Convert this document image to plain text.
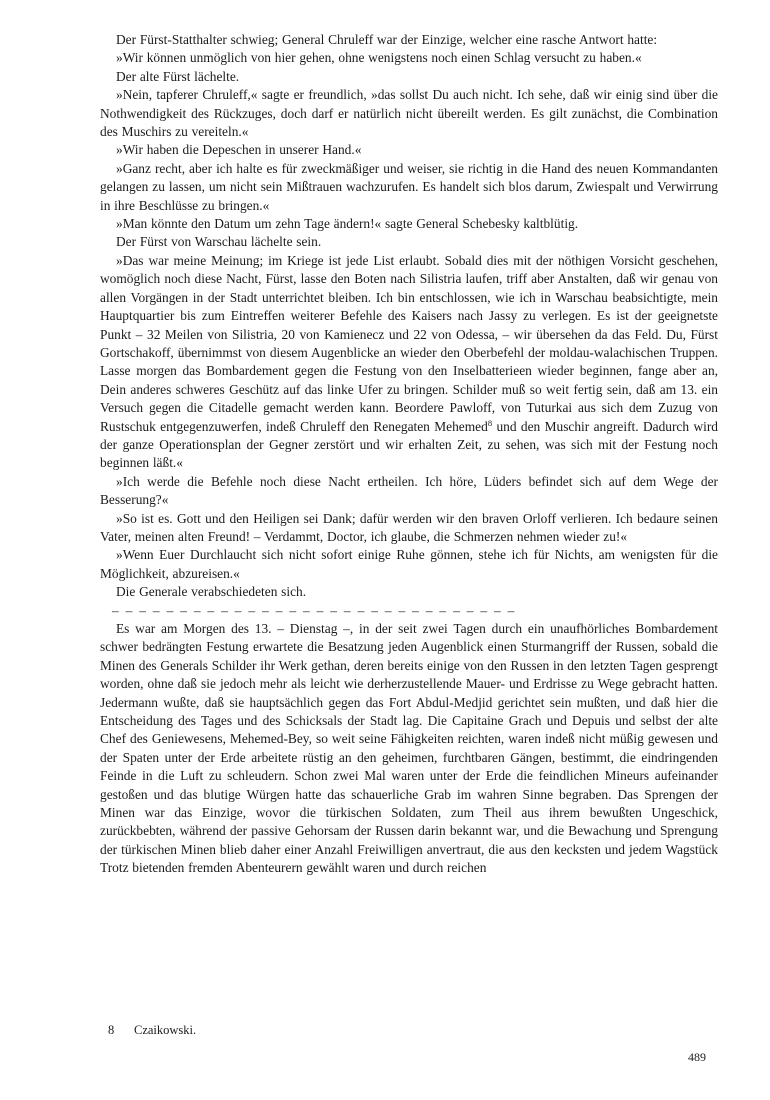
Der Fürst-Statthalter schwieg; General Chruleff war der Einzige, welcher eine rasche Antwort hatte:

»Wir können unmöglich von hier gehen, ohne wenigstens noch einen Schlag versucht zu haben.«

Der alte Fürst lächelte.

»Nein, tapferer Chruleff,« sagte er freundlich, »das sollst Du auch nicht. Ich sehe, daß wir einig sind über die Nothwendigkeit des Rückzuges, doch darf er natürlich nicht übereilt werden. Es gilt zunächst, die Combination des Muschirs zu vereiteln.«

»Wir haben die Depeschen in unserer Hand.«

»Ganz recht, aber ich halte es für zweckmäßiger und weiser, sie richtig in die Hand des neuen Kommandanten gelangen zu lassen, um nicht sein Mißtrauen wachzurufen. Es handelt sich blos darum, Zwiespalt und Verwirrung in ihre Beschlüsse zu bringen.«

»Man könnte den Datum um zehn Tage ändern!« sagte General Schebesky kaltblütig.

Der Fürst von Warschau lächelte sein.

»Das war meine Meinung; im Kriege ist jede List erlaubt. Sobald dies mit der nöthigen Vorsicht geschehen, womöglich noch diese Nacht, Fürst, lasse den Boten nach Silistria laufen, triff aber Anstalten, daß wir genau von allen Vorgängen in der Stadt unterrichtet bleiben. Ich bin entschlossen, wie ich in Warschau beabsichtigte, mein Hauptquartier bis zum Eintreffen weiterer Befehle des Kaisers nach Jassy zu verlegen. Es ist der geeignetste Punkt – 32 Meilen von Silistria, 20 von Kamienecz und 22 von Odessa, – wir übersehen da das Feld. Du, Fürst Gortschakoff, übernimmst von diesem Augenblicke an wieder den Oberbefehl der moldau-walachischen Truppen. Lasse morgen das Bombardement gegen die Festung von den Inselbatterieen wieder beginnen, fange aber an, Dein anderes schweres Geschütz auf das linke Ufer zu bringen. Schilder muß so weit fertig sein, daß am 13. ein Versuch gegen die Citadelle gemacht werden kann. Beordere Pawloff, von Tuturkai aus sich dem Zuzug von Rustschuk entgegenzuwerfen, indeß Chruleff den Renegaten Mehemed$^8$ und den Muschir angreift. Dadurch wird der ganze Operationsplan der Gegner zerstört und wir erhalten Zeit, zu sehen, was sich mit der Festung noch beginnen läßt.«

»Ich werde die Befehle noch diese Nacht ertheilen. Ich höre, Lüders befindet sich auf dem Wege der Besserung?«

»So ist es. Gott und den Heiligen sei Dank; dafür werden wir den braven Orloff verlieren. Ich bedaure seinen Vater, meinen alten Freund! – Verdammt, Doctor, ich glaube, die Schmerzen nehmen wieder zu!«

»Wenn Euer Durchlaucht sich nicht sofort einige Ruhe gönnen, stehe ich für Nichts, am wenigsten für die Möglichkeit, abzureisen.«

Die Generale verabschiedeten sich.

– – – – – – – – – – – – – – – – – – – – – – – – – – – – – –

Es war am Morgen des 13. – Dienstag –, in der seit zwei Tagen durch ein unaufhörliches Bombardement schwer bedrängten Festung erwartete die Besatzung jeden Augenblick einen Sturmangriff der Russen, sobald die Minen des Generals Schilder ihr Werk gethan, deren bereits einige von den Russen in den letzten Tagen gesprengt worden, ohne daß sie jedoch mehr als leicht wie derherzustellende Mauer- und Erdrisse zu Wege gebracht hatten. Jedermann wußte, daß sie hauptsächlich gegen das Fort Abdul-Medjid gerichtet sein mußten, und daß hier die Entscheidung des Tages und des Schicksals der Stadt lag. Die Capitaine Grach und Depuis und selbst der alte Chef des Geniewesens, Mehemed-Bey, so weit seine Fähigkeiten reichten, waren indeß nicht müßig gewesen und der Spaten unter der Erde arbeitete rüstig an den geheimen, furchtbaren Gängen, bestimmt, die eindringenden Feinde in die Luft zu schleudern. Schon zwei Mal waren unter der Erde die feindlichen Mineurs aufeinander gestoßen und das blutige Würgen hatte das schauerliche Grab im wahren Sinne begraben. Das Sprengen der Minen war das Einzige, wovor die türkischen Soldaten, zum Theil aus ihrem bewußten Ungeschick, zurückbebten, während der passive Gehorsam der Russen darin bekannt war, und die Bewachung und Sprengung der türkischen Minen blieb daher einer Anzahl Freiwilligen anvertraut, die aus den kecksten und jedem Wagstück Trotz bietenden fremden Abenteurern gewählt waren und durch reichen

8 Czaikowski.
489
